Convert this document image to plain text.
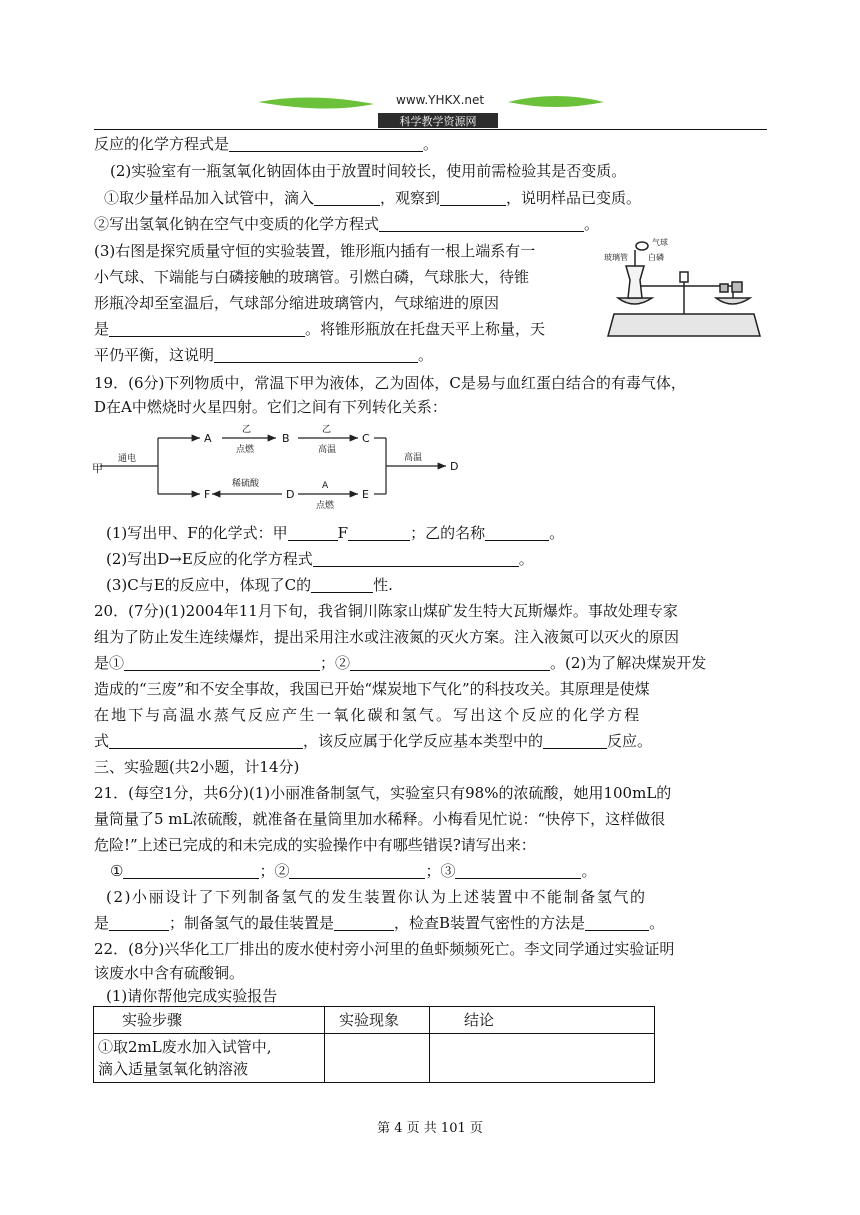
www.YHKX.net
科学教学资源网
反应的化学方程式是	。
(2)实验室有一瓶氢氧化钠固体由于放置时间较长，使用前需检验其是否变质。
①取少量样品加入试管中，滴入	，观察到	，说明样品已变质。
②写出氢氧化钠在空气中变质的化学方程式	。
(3)右图是探究质量守恒的实验装置，锥形瓶内插有一根上端系有一
小气球、下端能与白磷接触的玻璃管。引燃白磷，气球胀大，待锥
形瓶冷却至室温后，气球部分缩进玻璃管内，气球缩进的原因
是	。将锥形瓶放在托盘天平上称量，天
平仍平衡，这说明	。
气球
玻璃管	白磷
19．(6分)下列物质中，常温下甲为液体，乙为固体，C是易与血红蛋白结合的有毒气体，
D在A中燃烧时火星四射。它们之间有下列转化关系：
甲
通电
A	B	C
D
F	D	E
乙
点燃
乙
高温
高温
稀硫酸	A
点燃
(1)写出甲、F的化学式：甲	F	；乙的名称	。
(2)写出D→E反应的化学方程式	。
(3)C与E的反应中，体现了C的	性.
20．(7分)(1)2004年11月下旬，我省铜川陈家山煤矿发生特大瓦斯爆炸。事故处理专家
组为了防止发生连续爆炸，提出采用注水或注液氮的灭火方案。注入液氮可以灭火的原因
是①	；②	。(2)为了解决煤炭开发
造成的“三废”和不安全事故，我国已开始“煤炭地下气化”的科技攻关。其原理是使煤
在地下与高温水蒸气反应产生一氧化碳和氢气。写出这个反应的化学方程
式	，该反应属于化学反应基本类型中的	反应。
三、实验题(共2小题，计14分)
21．(每空1分，共6分)(1)小丽准备制氢气，实验室只有98%的浓硫酸，她用100mL的
量筒量了5 mL浓硫酸，就准备在量筒里加水稀释。小梅看见忙说：“快停下，这样做很
危险!”上述已完成的和未完成的实验操作中有哪些错误?请写出来：
①	；②	；③	。
(2)小丽设计了下列制备氢气的发生装置你认为上述装置中不能制备氢气的
是	；制备氢气的最佳装置是	，检查B装置气密性的方法是	。
22．(8分)兴华化工厂排出的废水使村旁小河里的鱼虾频频死亡。李文同学通过实验证明
该废水中含有硫酸铜。
(1)请你帮他完成实验报告
实验步骤	实验现象	结论

①取2mL废水加入试管中,
滴入适量氢氧化钠溶液		

第 4 页 共 101 页
